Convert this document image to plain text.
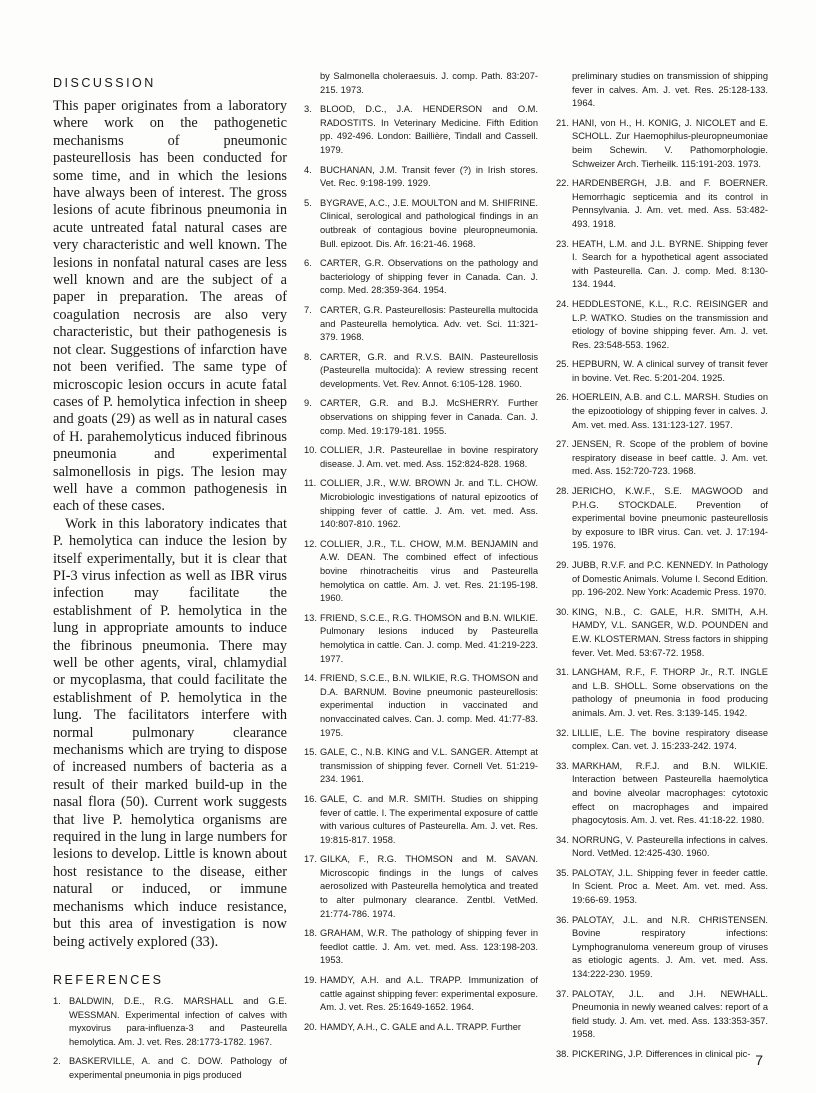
DISCUSSION

This paper originates from a laboratory where work on the pathogenetic mechanisms of pneumonic pasteurellosis has been conducted for some time, and in which the lesions have always been of interest. The gross lesions of acute fibrinous pneumonia in acute untreated fatal natural cases are very characteristic and well known. The lesions in nonfatal natural cases are less well known and are the subject of a paper in preparation. The areas of coagulation necrosis are also very characteristic, but their pathogenesis is not clear. Suggestions of infarction have not been verified. The same type of microscopic lesion occurs in acute fatal cases of P. hemolytica infection in sheep and goats (29) as well as in natural cases of H. parahemolyticus induced fibrinous pneumonia and experimental salmonellosis in pigs. The lesion may well have a common pathogenesis in each of these cases.

Work in this laboratory indicates that P. hemolytica can induce the lesion by itself experimentally, but it is clear that PI-3 virus infection as well as IBR virus infection may facilitate the establishment of P. hemolytica in the lung in appropriate amounts to induce the fibrinous pneumonia. There may well be other agents, viral, chlamydial or mycoplasma, that could facilitate the establishment of P. hemolytica in the lung. The facilitators interfere with normal pulmonary clearance mechanisms which are trying to dispose of increased numbers of bacteria as a result of their marked build-up in the nasal flora (50). Current work suggests that live P. hemolytica organisms are required in the lung in large numbers for lesions to develop. Little is known about host resistance to the disease, either natural or induced, or immune mechanisms which induce resistance, but this area of investigation is now being actively explored (33).

REFERENCES
1. BALDWIN, D.E., R.G. MARSHALL and G.E. WESSMAN. Experimental infection of calves with myxovirus para-influenza-3 and Pasteurella hemolytica. Am. J. vet. Res. 28:1773-1782. 1967.
2. BASKERVILLE, A. and C. DOW. Pathology of experimental pneumonia in pigs produced
by Salmonella choleraesuis. J. comp. Path. 83:207-215. 1973.
3. BLOOD, D.C., J.A. HENDERSON and O.M. RADOSTITS. In Veterinary Medicine. Fifth Edition pp. 492-496. London: Baillière, Tindall and Cassell. 1979.
4. BUCHANAN, J.M. Transit fever (?) in Irish stores. Vet. Rec. 9:198-199. 1929.
5. BYGRAVE, A.C., J.E. MOULTON and M. SHIFRINE. Clinical, serological and pathological findings in an outbreak of contagious bovine pleuropneumonia. Bull. epizoot. Dis. Afr. 16:21-46. 1968.
6. CARTER, G.R. Observations on the pathology and bacteriology of shipping fever in Canada. Can. J. comp. Med. 28:359-364. 1954.
7. CARTER, G.R. Pasteurellosis: Pasteurella multocida and Pasteurella hemolytica. Adv. vet. Sci. 11:321-379. 1968.
8. CARTER, G.R. and R.V.S. BAIN. Pasteurellosis (Pasteurella multocida): A review stressing recent developments. Vet. Rev. Annot. 6:105-128. 1960.
9. CARTER, G.R. and B.J. McSHERRY. Further observations on shipping fever in Canada. Can. J. comp. Med. 19:179-181. 1955.
10. COLLIER, J.R. Pasteurellae in bovine respiratory disease. J. Am. vet. med. Ass. 152:824-828. 1968.
11. COLLIER, J.R., W.W. BROWN Jr. and T.L. CHOW. Microbiologic investigations of natural epizootics of shipping fever of cattle. J. Am. vet. med. Ass. 140:807-810. 1962.
12. COLLIER, J.R., T.L. CHOW, M.M. BENJAMIN and A.W. DEAN. The combined effect of infectious bovine rhinotracheitis virus and Pasteurella hemolytica on cattle. Am. J. vet. Res. 21:195-198. 1960.
13. FRIEND, S.C.E., R.G. THOMSON and B.N. WILKIE. Pulmonary lesions induced by Pasteurella hemolytica in cattle. Can. J. comp. Med. 41:219-223. 1977.
14. FRIEND, S.C.E., B.N. WILKIE, R.G. THOMSON and D.A. BARNUM. Bovine pneumonic pasteurellosis: experimental induction in vaccinated and nonvaccinated calves. Can. J. comp. Med. 41:77-83. 1975.
15. GALE, C., N.B. KING and V.L. SANGER. Attempt at transmission of shipping fever. Cornell Vet. 51:219-234. 1961.
16. GALE, C. and M.R. SMITH. Studies on shipping fever of cattle. I. The experimental exposure of cattle with various cultures of Pasteurella. Am. J. vet. Res. 19:815-817. 1958.
17. GILKA, F., R.G. THOMSON and M. SAVAN. Microscopic findings in the lungs of calves aerosolized with Pasteurella hemolytica and treated to alter pulmonary clearance. Zentbl. VetMed. 21:774-786. 1974.
18. GRAHAM, W.R. The pathology of shipping fever in feedlot cattle. J. Am. vet. med. Ass. 123:198-203. 1953.
19. HAMDY, A.H. and A.L. TRAPP. Immunization of cattle against shipping fever: experimental exposure. Am. J. vet. Res. 25:1649-1652. 1964.
20. HAMDY, A.H., C. GALE and A.L. TRAPP. Further
preliminary studies on transmission of shipping fever in calves. Am. J. vet. Res. 25:128-133. 1964.
21. HANI, von H., H. KONIG, J. NICOLET and E. SCHOLL. Zur Haemophilus-pleuropneumoniae beim Schewin. V. Pathomorphologie. Schweizer Arch. Tierheilk. 115:191-203. 1973.
22. HARDENBERGH, J.B. and F. BOERNER. Hemorrhagic septicemia and its control in Pennsylvania. J. Am. vet. med. Ass. 53:482-493. 1918.
23. HEATH, L.M. and J.L. BYRNE. Shipping fever I. Search for a hypothetical agent associated with Pasteurella. Can. J. comp. Med. 8:130-134. 1944.
24. HEDDLESTONE, K.L., R.C. REISINGER and L.P. WATKO. Studies on the transmission and etiology of bovine shipping fever. Am. J. vet. Res. 23:548-553. 1962.
25. HEPBURN, W. A clinical survey of transit fever in bovine. Vet. Rec. 5:201-204. 1925.
26. HOERLEIN, A.B. and C.L. MARSH. Studies on the epizootiology of shipping fever in calves. J. Am. vet. med. Ass. 131:123-127. 1957.
27. JENSEN, R. Scope of the problem of bovine respiratory disease in beef cattle. J. Am. vet. med. Ass. 152:720-723. 1968.
28. JERICHO, K.W.F., S.E. MAGWOOD and P.H.G. STOCKDALE. Prevention of experimental bovine pneumonic pasteurellosis by exposure to IBR virus. Can. vet. J. 17:194-195. 1976.
29. JUBB, R.V.F. and P.C. KENNEDY. In Pathology of Domestic Animals. Volume I. Second Edition. pp. 196-202. New York: Academic Press. 1970.
30. KING, N.B., C. GALE, H.R. SMITH, A.H. HAMDY, V.L. SANGER, W.D. POUNDEN and E.W. KLOSTERMAN. Stress factors in shipping fever. Vet. Med. 53:67-72. 1958.
31. LANGHAM, R.F., F. THORP Jr., R.T. INGLE and L.B. SHOLL. Some observations on the pathology of pneumonia in food producing animals. Am. J. vet. Res. 3:139-145. 1942.
32. LILLIE, L.E. The bovine respiratory disease complex. Can. vet. J. 15:233-242. 1974.
33. MARKHAM, R.F.J. and B.N. WILKIE. Interaction between Pasteurella haemolytica and bovine alveolar macrophages: cytotoxic effect on macrophages and impaired phagocytosis. Am. J. vet. Res. 41:18-22. 1980.
34. NORRUNG, V. Pasteurella infections in calves. Nord. VetMed. 12:425-430. 1960.
35. PALOTAY, J.L. Shipping fever in feeder cattle. In Scient. Proc a. Meet. Am. vet. med. Ass. 19:66-69. 1953.
36. PALOTAY, J.L. and N.R. CHRISTENSEN. Bovine respiratory infections: Lymphogranuloma venereum group of viruses as etiologic agents. J. Am. vet. med. Ass. 134:222-230. 1959.
37. PALOTAY, J.L. and J.H. NEWHALL. Pneumonia in newly weaned calves: report of a field study. J. Am. vet. med. Ass. 133:353-357. 1958.
38. PICKERING, J.P. Differences in clinical pic- 7
